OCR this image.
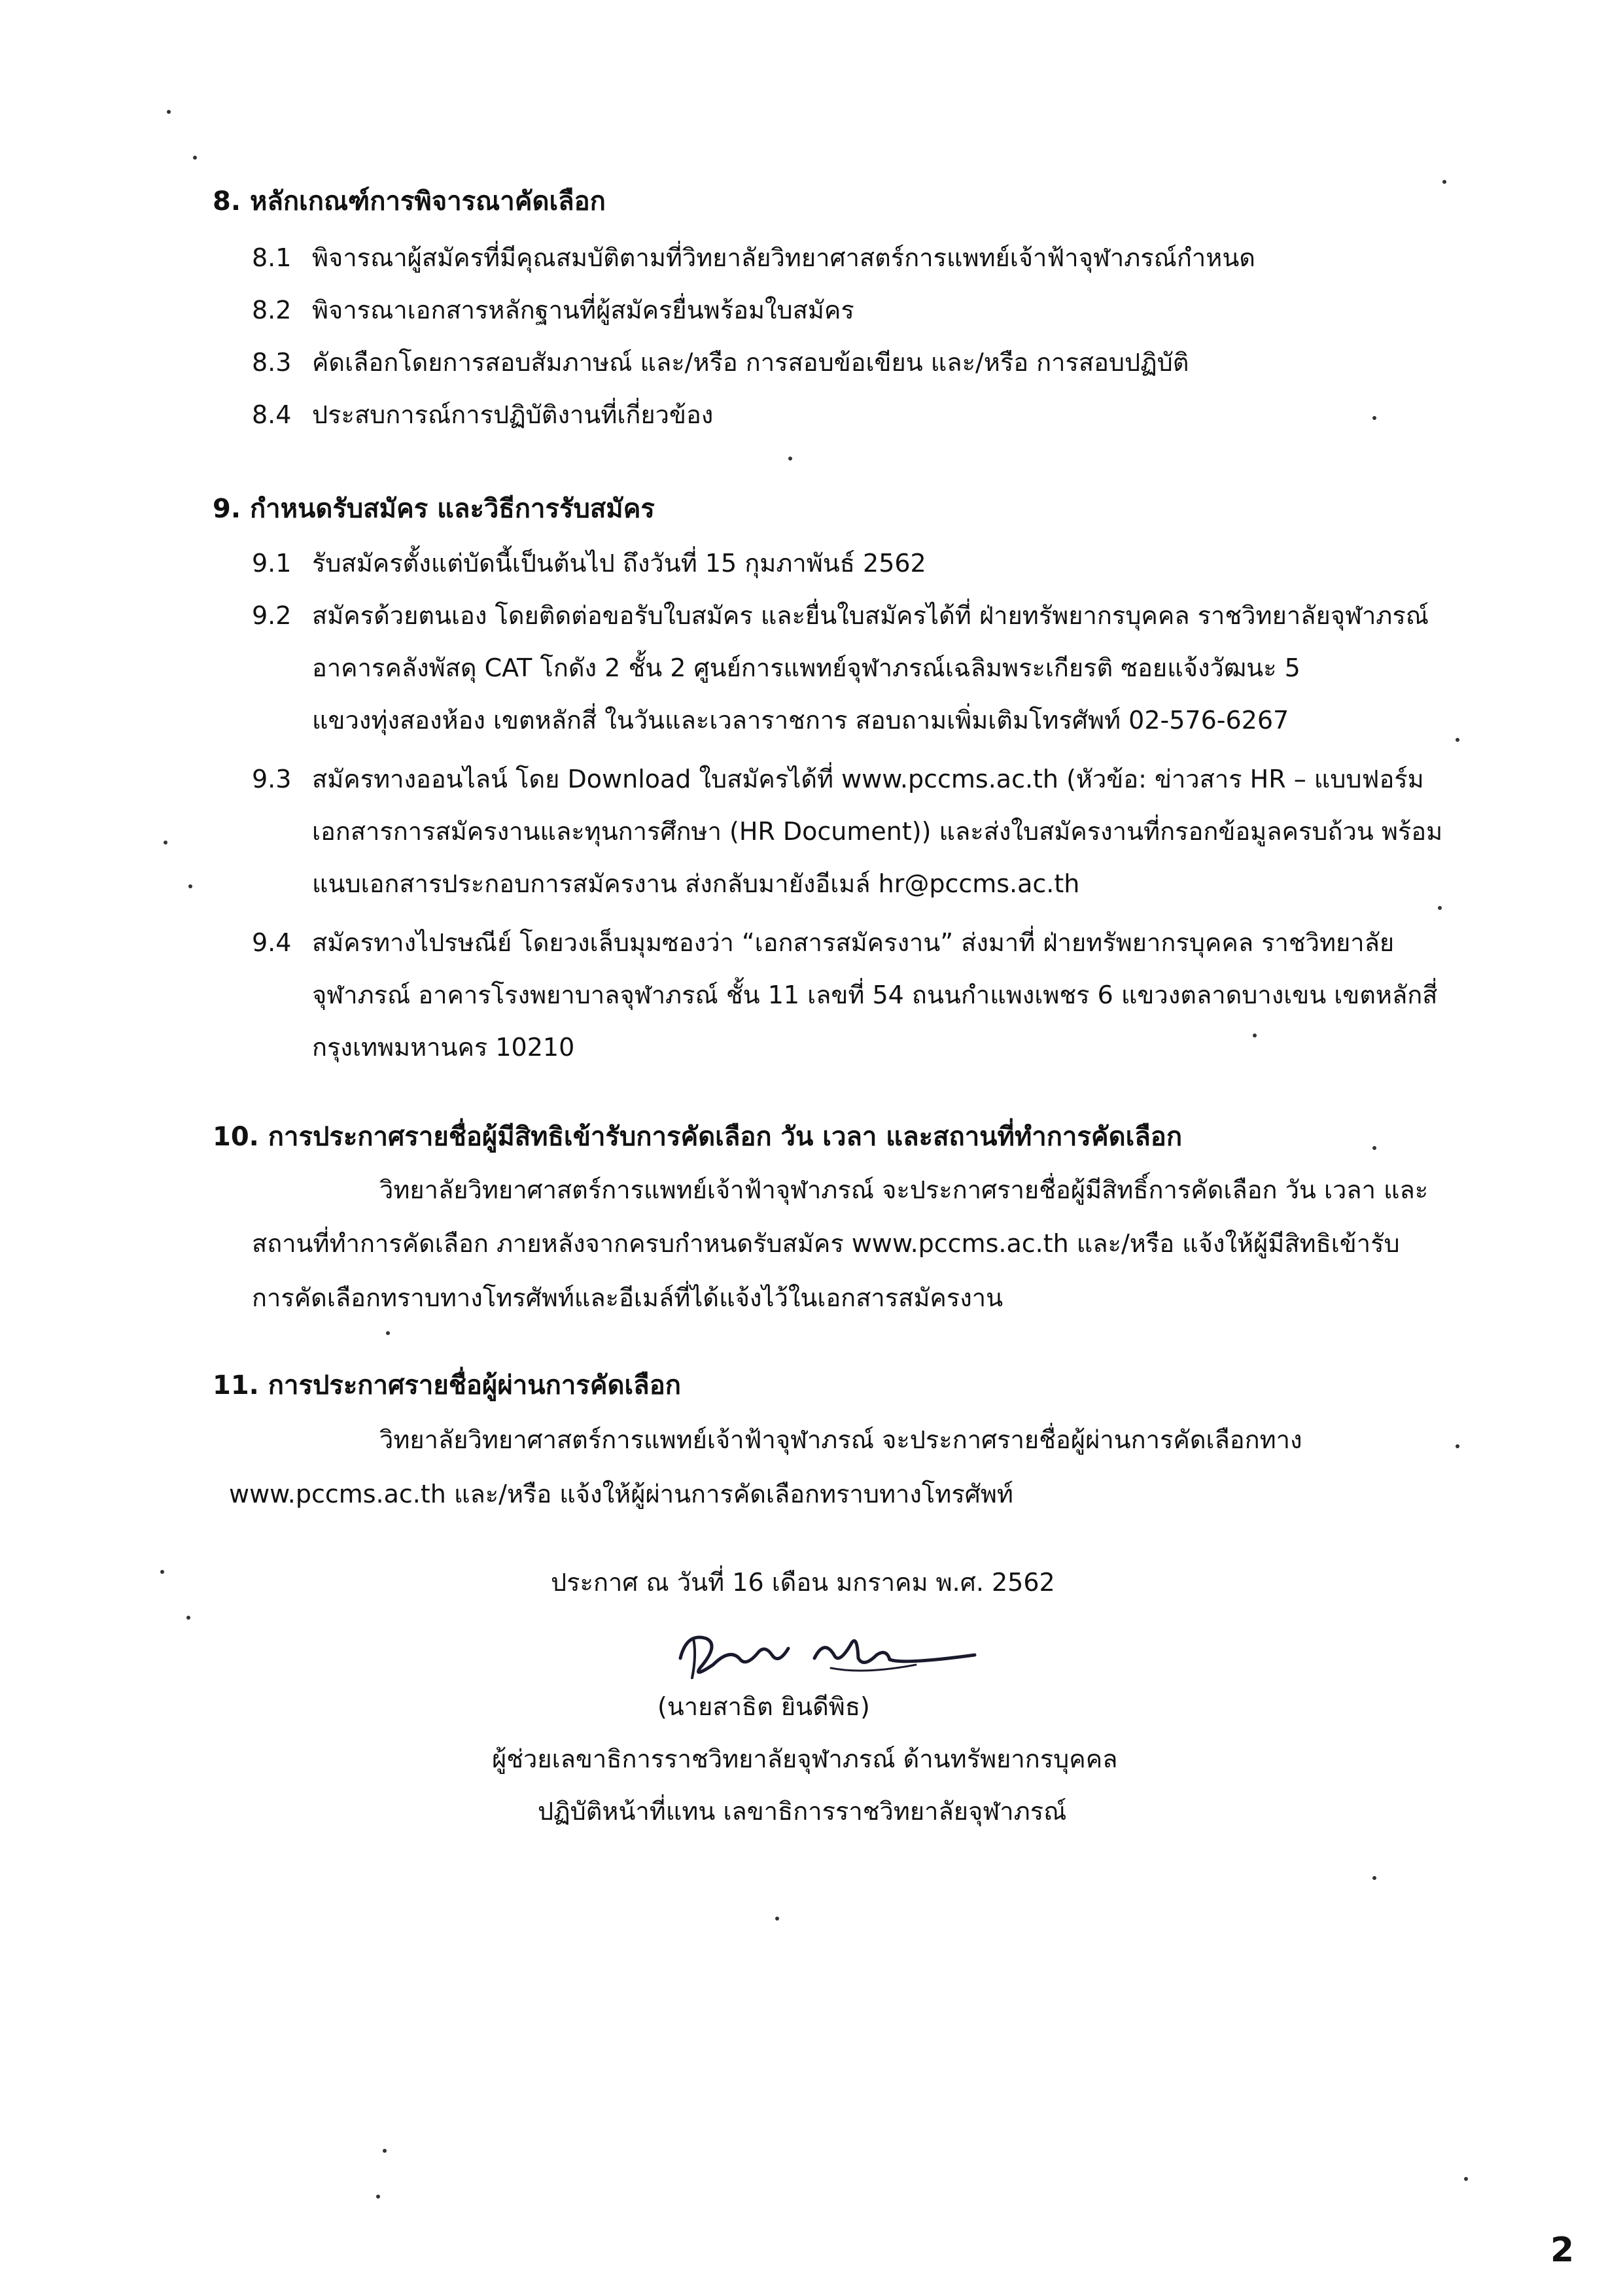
8. หลักเกณฑ์การพิจารณาคัดเลือก
8.1 พิจารณาผู้สมัครที่มีคุณสมบัติตามที่วิทยาลัยวิทยาศาสตร์การแพทย์เจ้าฟ้าจุฬาภรณ์กำหนด
8.2 พิจารณาเอกสารหลักฐานที่ผู้สมัครยื่นพร้อมใบสมัคร
8.3 คัดเลือกโดยการสอบสัมภาษณ์ และ/หรือ การสอบข้อเขียน และ/หรือ การสอบปฏิบัติ
8.4 ประสบการณ์การปฏิบัติงานที่เกี่ยวข้อง
9. กำหนดรับสมัคร และวิธีการรับสมัคร
9.1 รับสมัครตั้งแต่บัดนี้เป็นต้นไป ถึงวันที่ 15 กุมภาพันธ์ 2562
9.2 สมัครด้วยตนเอง โดยติดต่อขอรับใบสมัคร และยื่นใบสมัครได้ที่ ฝ่ายทรัพยากรบุคคล ราชวิทยาลัยจุฬาภรณ์
อาคารคลังพัสดุ CAT โกดัง 2 ชั้น 2 ศูนย์การแพทย์จุฬาภรณ์เฉลิมพระเกียรติ ซอยแจ้งวัฒนะ 5
แขวงทุ่งสองห้อง เขตหลักสี่ ในวันและเวลาราชการ สอบถามเพิ่มเติมโทรศัพท์ 02-576-6267
9.3 สมัครทางออนไลน์ โดย Download ใบสมัครได้ที่ www.pccms.ac.th (หัวข้อ: ข่าวสาร HR – แบบฟอร์ม
เอกสารการสมัครงานและทุนการศึกษา (HR Document)) และส่งใบสมัครงานที่กรอกข้อมูลครบถ้วน พร้อม
แนบเอกสารประกอบการสมัครงาน ส่งกลับมายังอีเมล์ hr@pccms.ac.th
9.4 สมัครทางไปรษณีย์ โดยวงเล็บมุมซองว่า “เอกสารสมัครงาน” ส่งมาที่ ฝ่ายทรัพยากรบุคคล ราชวิทยาลัย
จุฬาภรณ์ อาคารโรงพยาบาลจุฬาภรณ์ ชั้น 11 เลขที่ 54 ถนนกำแพงเพชร 6 แขวงตลาดบางเขน เขตหลักสี่
กรุงเทพมหานคร 10210
10. การประกาศรายชื่อผู้มีสิทธิเข้ารับการคัดเลือก วัน เวลา และสถานที่ทำการคัดเลือก
วิทยาลัยวิทยาศาสตร์การแพทย์เจ้าฟ้าจุฬาภรณ์ จะประกาศรายชื่อผู้มีสิทธิ์การคัดเลือก วัน เวลา และ
สถานที่ทำการคัดเลือก ภายหลังจากครบกำหนดรับสมัคร www.pccms.ac.th และ/หรือ แจ้งให้ผู้มีสิทธิเข้ารับ
การคัดเลือกทราบทางโทรศัพท์และอีเมล์ที่ได้แจ้งไว้ในเอกสารสมัครงาน
11. การประกาศรายชื่อผู้ผ่านการคัดเลือก
วิทยาลัยวิทยาศาสตร์การแพทย์เจ้าฟ้าจุฬาภรณ์ จะประกาศรายชื่อผู้ผ่านการคัดเลือกทาง
www.pccms.ac.th และ/หรือ แจ้งให้ผู้ผ่านการคัดเลือกทราบทางโทรศัพท์
ประกาศ ณ วันที่ 16 เดือน มกราคม พ.ศ. 2562
(นายสาธิต ยินดีพิธ)
ผู้ช่วยเลขาธิการราชวิทยาลัยจุฬาภรณ์ ด้านทรัพยากรบุคคล
ปฏิบัติหน้าที่แทน เลขาธิการราชวิทยาลัยจุฬาภรณ์
2
